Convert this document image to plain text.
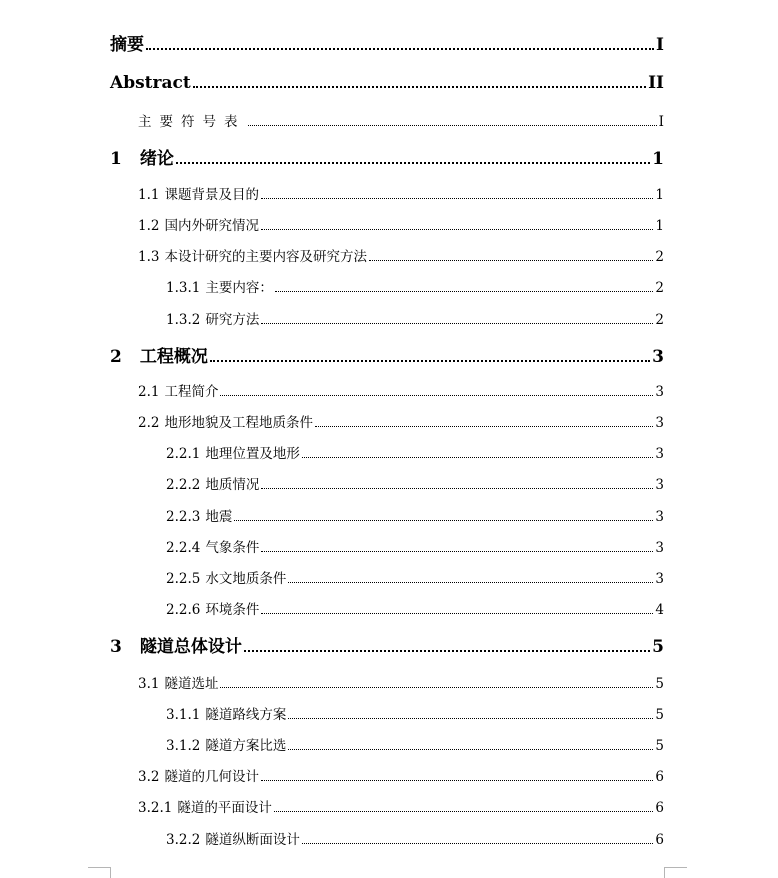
摘要	I
Abstract	II
主要符号表	I
1 绪论	1
1.1 课题背景及目的	1
1.2 国内外研究情况	1
1.3 本设计研究的主要内容及研究方法	2
1.3.1 主要内容：	2
1.3.2 研究方法	2
2 工程概况	3
2.1 工程简介	3
2.2 地形地貌及工程地质条件	3
2.2.1 地理位置及地形	3
2.2.2 地质情况	3
2.2.3 地震	3
2.2.4 气象条件	3
2.2.5 水文地质条件	3
2.2.6 环境条件	4
3 隧道总体设计	5
3.1 隧道选址	5
3.1.1 隧道路线方案	5
3.1.2 隧道方案比选	5
3.2 隧道的几何设计	6
3.2.1 隧道的平面设计	6
3.2.2 隧道纵断面设计	6
